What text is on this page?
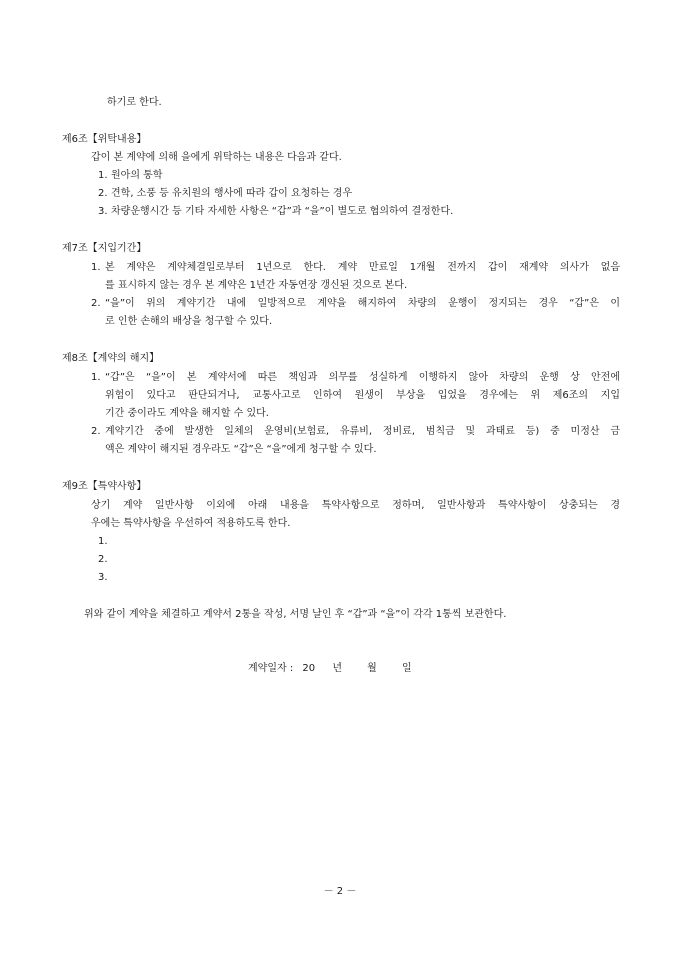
하기로 한다.
제6조【위탁내용】
갑이 본 계약에 의해 을에게 위탁하는 내용은 다음과 같다.
1. 원아의 통학
2. 견학, 소풍 등 유치원의 행사에 따라 갑이 요청하는 경우
3. 차량운행시간 등 기타 자세한 사항은 “갑”과 “을”이 별도로 협의하여 결정한다.
제7조【지입기간】
1. 본 계약은 계약체결일로부터 1년으로 한다. 계약 만료일 1개월 전까지 갑이 재계약 의사가 없음
를 표시하지 않는 경우 본 계약은 1년간 자동연장 갱신된 것으로 본다.
2. “을”이 위의 계약기간 내에 일방적으로 계약을 해지하여 차량의 운행이 정지되는 경우 “갑”은 이
로 인한 손해의 배상을 청구할 수 있다.
제8조【계약의 해지】
1. “갑”은 “을”이 본 계약서에 따른 책임과 의무를 성실하게 이행하지 않아 차량의 운행 상 안전에
위험이 있다고 판단되거나, 교통사고로 인하여 원생이 부상을 입었을 경우에는 위 제6조의 지입
기간 중이라도 계약을 해지할 수 있다.
2. 계약기간 중에 발생한 일체의 운영비(보험료, 유류비, 정비료, 범칙금 및 과태료 등) 중 미정산 금
액은 계약이 해지된 경우라도 “갑”은 “을”에게 청구할 수 있다.
제9조【특약사항】
상기 계약 일반사항 이외에 아래 내용을 특약사항으로 정하며, 일반사항과 특약사항이 상충되는 경
우에는 특약사항을 우선하여 적용하도록 한다.
1.
2.
3.
위와 같이 계약을 체결하고 계약서 2통을 작성, 서명 날인 후 “갑”과 “을”이 각각 1통씩 보관한다.
계약일자 : 20 년	월	일
－ 2 －
